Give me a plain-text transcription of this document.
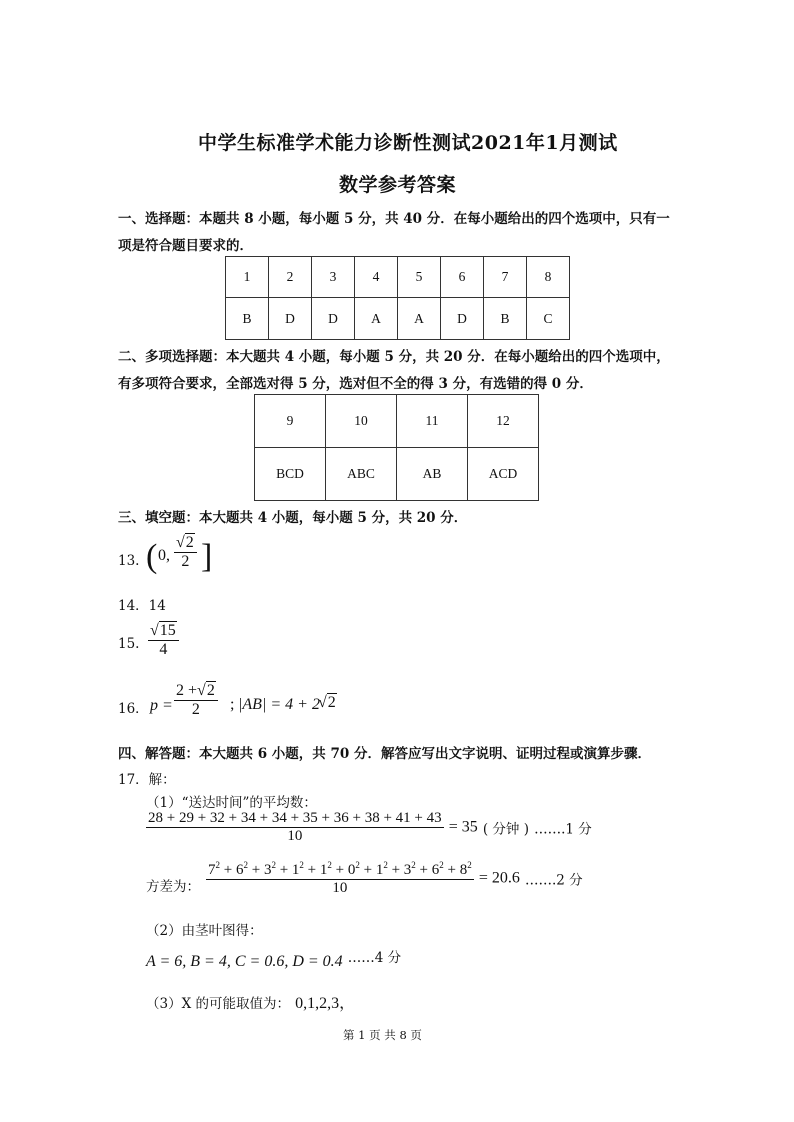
中学生标准学术能力诊断性测试2021年1月测试
数学参考答案
一、选择题：本题共 8 小题，每小题 5 分，共 40 分．在每小题给出的四个选项中，只有一
项是符合题目要求的．
1	2	3	4	5	6	7	8
B	D	D	A	A	D	B	C
二、多项选择题：本大题共 4 小题，每小题 5 分，共 20 分．在每小题给出的四个选项中，
有多项符合要求，全部选对得 5 分，选对但不全的得 3 分，有选错的得 0 分．
9	10	11	12
BCD	ABC	AB	ACD
三、填空题：本大题共 4 小题，每小题 5 分，共 20 分．
13. ( 0, $\frac{√2}{2}$ ]
14．14
15. $\frac{√15}{4}$
16． $p = \frac{2 +√2}{2}$ ; |AB| = 4 + 2
√2
四、解答题：本大题共 6 小题，共 70 分．解答应写出文字说明、证明过程或演算步骤．
17．解：
（1）“送达时间”的平均数：
$\frac{28 + 29 + 32 + 34 + 34 + 35 + 36 + 38 + 41 + 43}{10} = 35$ ( 分钟 ) …….1 分
方差为： $\frac{7^2 + 6^2 + 3^2 + 1^2 + 1^2 + 0^2 + 1^2 + 3^2 + 6^2 + 8^2}{10} = 20.6$ …….2 分
（2）由茎叶图得：
A = 6, B = 4, C = 0.6, D = 0.4 $^{\dots\dots 4 分}$
（3）X 的可能取值为： 0,1,2,3，
第 1 页 共 8 页
